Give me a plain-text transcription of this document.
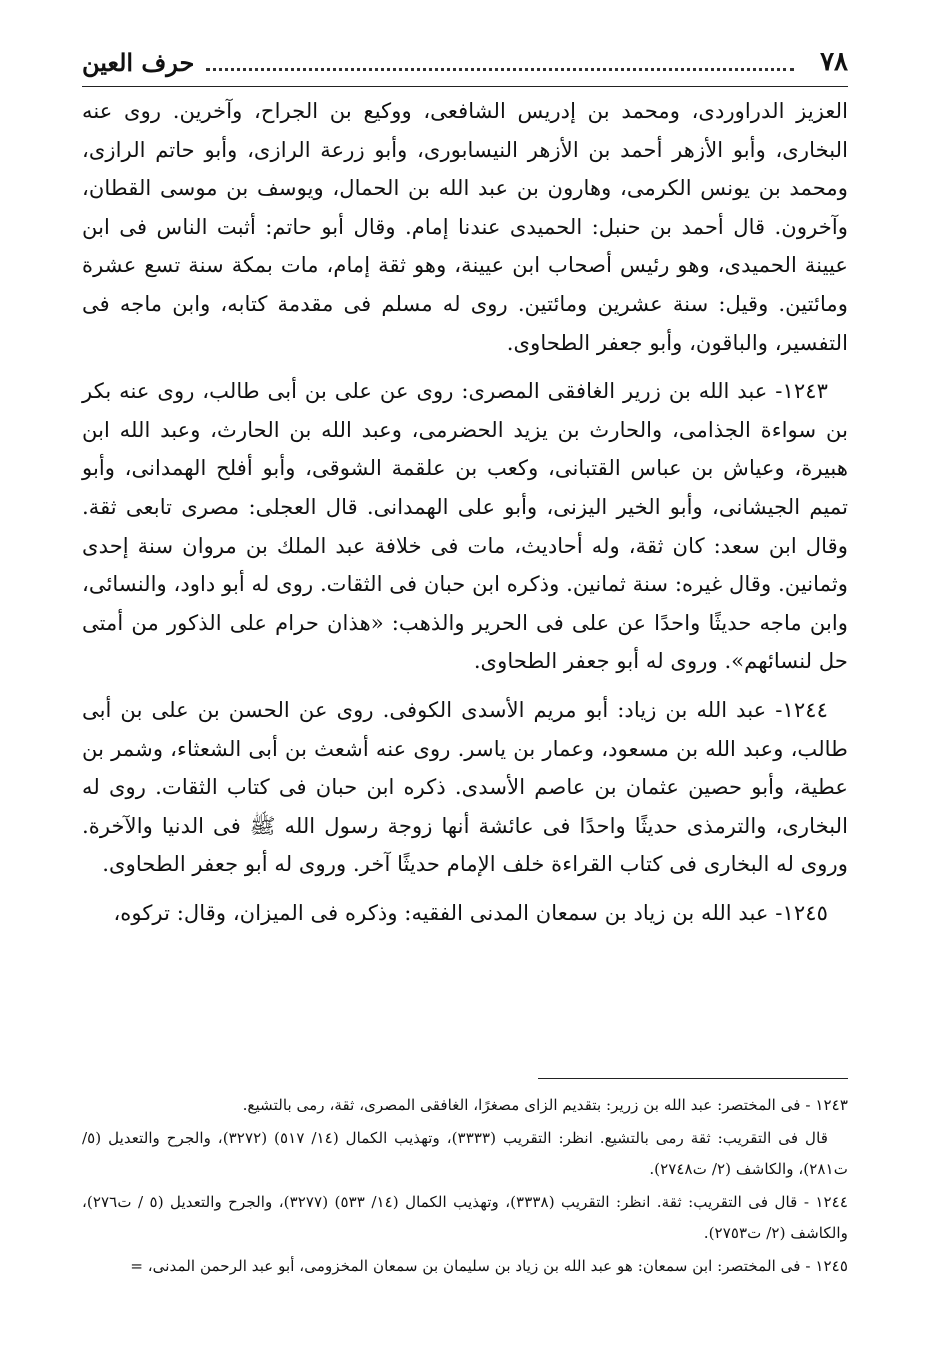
٧٨
حرف العين

العزيز الدراوردى، ومحمد بن إدريس الشافعى، ووكيع بن الجراح، وآخرين. روى عنه البخارى، وأبو الأزهر أحمد بن الأزهر النيسابورى، وأبو زرعة الرازى، وأبو حاتم الرازى، ومحمد بن يونس الكرمى، وهارون بن عبد الله بن الحمال، ويوسف بن موسى القطان، وآخرون. قال أحمد بن حنبل: الحميدى عندنا إمام. وقال أبو حاتم: أثبت الناس فى ابن عيينة الحميدى، وهو رئيس أصحاب ابن عيينة، وهو ثقة إمام، مات بمكة سنة تسع عشرة ومائتين. وقيل: سنة عشرين ومائتين. روى له مسلم فى مقدمة كتابه، وابن ماجه فى التفسير، والباقون، وأبو جعفر الطحاوى.

١٢٤٣- عبد الله بن زرير الغافقى المصرى: روى عن على بن أبى طالب، روى عنه بكر بن سواءة الجذامى، والحارث بن يزيد الحضرمى، وعبد الله بن الحارث، وعبد الله ابن هبيرة، وعياش بن عباس القتبانى، وكعب بن علقمة الشوقى، وأبو أفلح الهمدانى، وأبو تميم الجيشانى، وأبو الخير اليزنى، وأبو على الهمدانى. قال العجلى: مصرى تابعى ثقة. وقال ابن سعد: كان ثقة، وله أحاديث، مات فى خلافة عبد الملك بن مروان سنة إحدى وثمانين. وقال غيره: سنة ثمانين. وذكره ابن حبان فى الثقات. روى له أبو داود، والنسائى، وابن ماجه حديثًا واحدًا عن على فى الحرير والذهب: «هذان حرام على الذكور من أمتى حل لنسائهم». وروى له أبو جعفر الطحاوى.

١٢٤٤- عبد الله بن زياد: أبو مريم الأسدى الكوفى. روى عن الحسن بن على بن أبى طالب، وعبد الله بن مسعود، وعمار بن ياسر. روى عنه أشعث بن أبى الشعثاء، وشمر بن عطية، وأبو حصين عثمان بن عاصم الأسدى. ذكره ابن حبان فى كتاب الثقات. روى له البخارى، والترمذى حديثًا واحدًا فى عائشة أنها زوجة رسول الله ﷺ فى الدنيا والآخرة. وروى له البخارى فى كتاب القراءة خلف الإمام حديثًا آخر. وروى له أبو جعفر الطحاوى.

١٢٤٥- عبد الله بن زياد بن سمعان المدنى الفقيه: وذكره فى الميزان، وقال: تركوه،

١٢٤٣ - فى المختصر: عبد الله بن زرير: بتقديم الزاى مصغرًا، الغافقى المصرى، ثقة، رمى بالتشيع.

قال فى التقريب: ثقة رمى بالتشيع. انظر: التقريب (٣٣٣٣)، وتهذيب الكمال (١٤/ ٥١٧) (٣٢٧٢)، والجرح والتعديل (٥/ ت٢٨١)، والكاشف (٢/ ت٢٧٤٨).

١٢٤٤ - قال فى التقريب: ثقة. انظر: التقريب (٣٣٣٨)، وتهذيب الكمال (١٤/ ٥٣٣) (٣٢٧٧)، والجرح والتعديل (٥ / ت٢٧٦)، والكاشف (٢/ ت٢٧٥٣).

١٢٤٥ - فى المختصر: ابن سمعان: هو عبد الله بن زياد بن سليمان بن سمعان المخزومى، أبو عبد الرحمن المدنى، =
